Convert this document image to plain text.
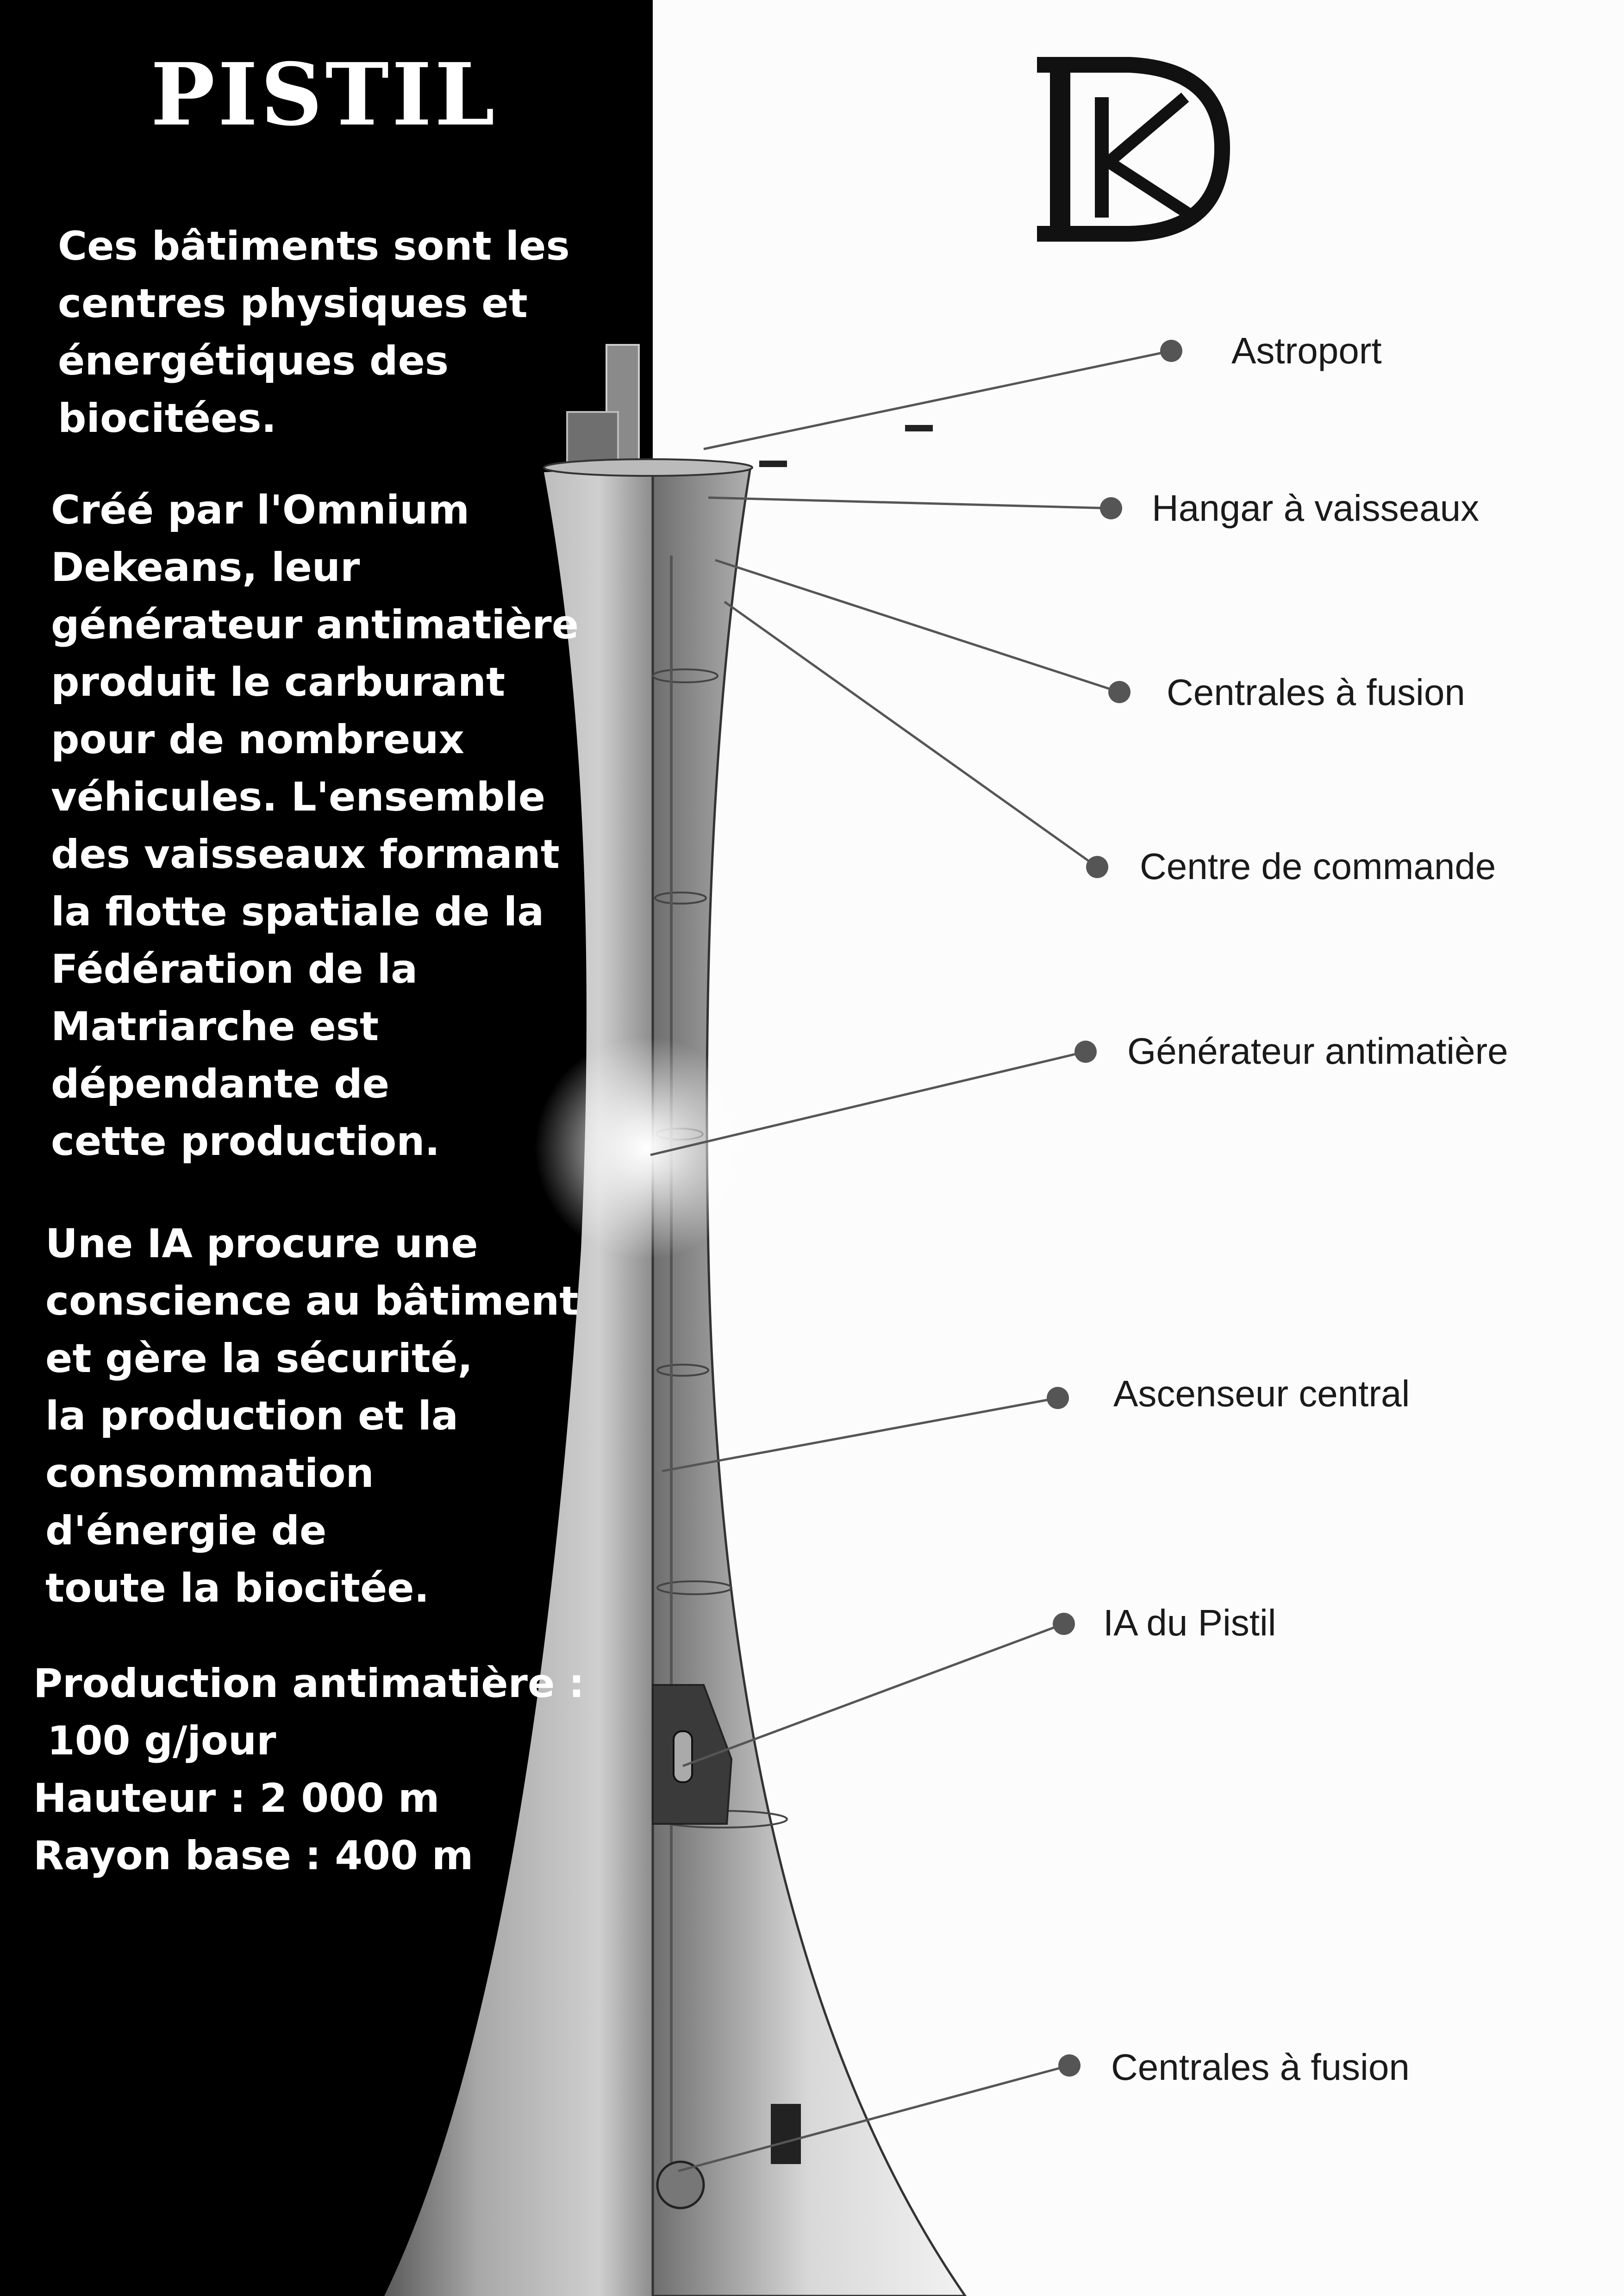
PISTIL
Ces bâtiments sont les
centres physiques et
énergétiques des
biocitées.
Créé par l'Omnium
Dekeans, leur
générateur antimatière
produit le carburant
pour de nombreux
véhicules. L'ensemble
des vaisseaux formant
la flotte spatiale de la
Fédération de la
Matriarche est
dépendante de
cette production.
Une IA procure une
conscience au bâtiment
et gère la sécurité,
la production et la
consommation
d'énergie de
toute la biocitée.
Production antimatière :
100 g/jour
Hauteur : 2 000 m
Rayon base : 400 m
Astroport
Hangar à vaisseaux
Centrales à fusion
Centre de commande
Générateur antimatière
Ascenseur central
IA du Pistil
Centrales à fusion
